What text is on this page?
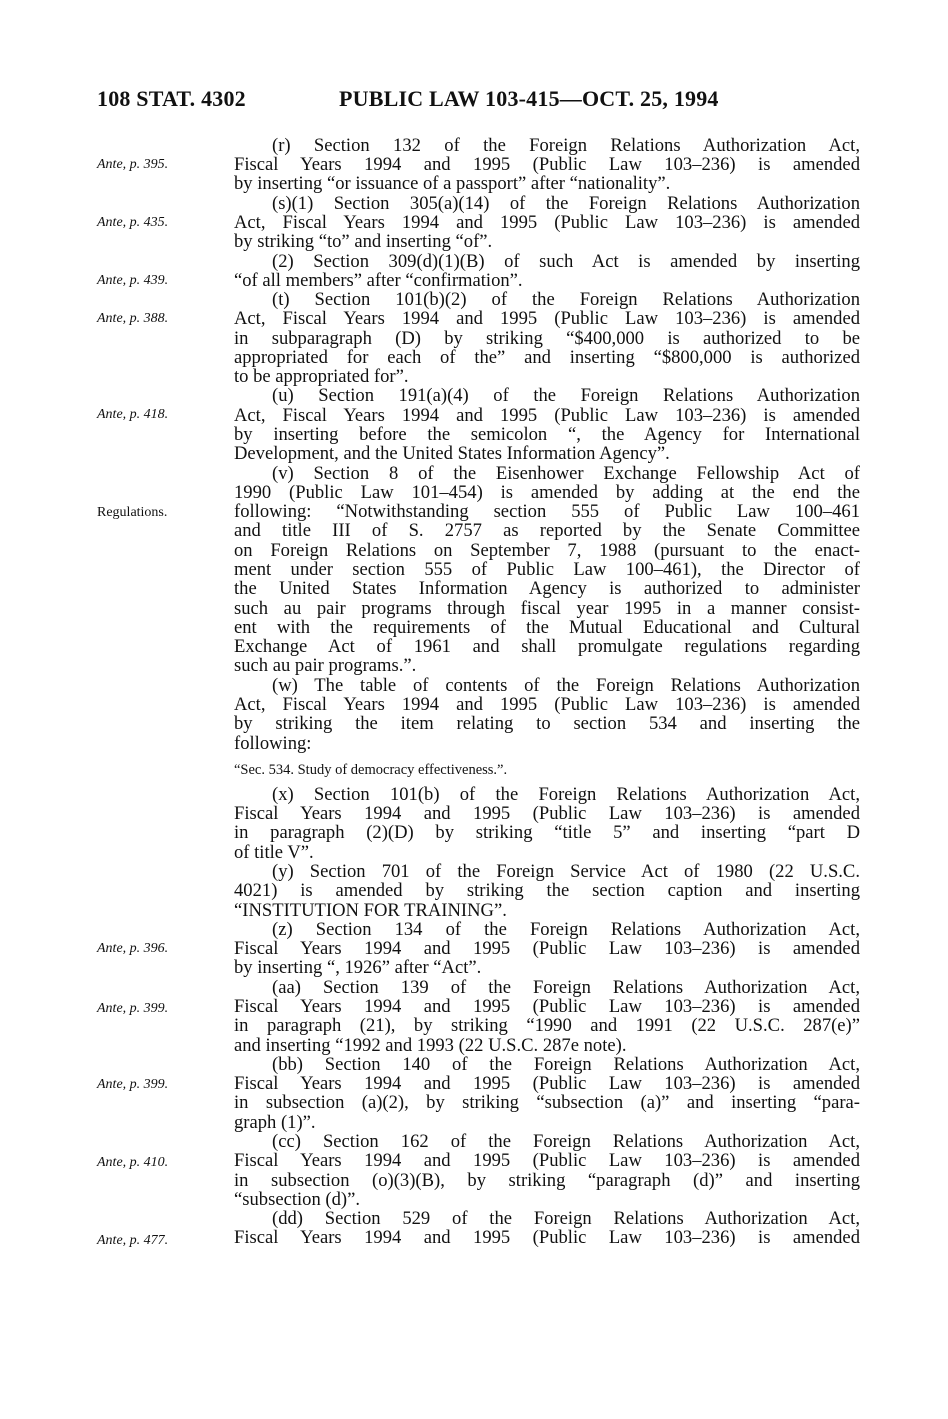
108 STAT. 4302	PUBLIC LAW 103-415—OCT. 25, 1994
Ante, p. 395.
Ante, p. 435.
Ante, p. 439.
Ante, p. 388.
Ante, p. 418.
Regulations.
Ante, p. 396.
Ante, p. 399.
Ante, p. 399.
Ante, p. 410.
Ante, p. 477.
(r) Section 132 of the Foreign Relations Authorization Act,
Fiscal Years 1994 and 1995 (Public Law 103–236) is amended
by inserting “or issuance of a passport” after “nationality”.
(s)(1) Section 305(a)(14) of the Foreign Relations Authorization
Act, Fiscal Years 1994 and 1995 (Public Law 103–236) is amended
by striking “to” and inserting “of”.
(2) Section 309(d)(1)(B) of such Act is amended by inserting
“of all members” after “confirmation”.
(t) Section 101(b)(2) of the Foreign Relations Authorization
Act, Fiscal Years 1994 and 1995 (Public Law 103–236) is amended
in subparagraph (D) by striking “$400,000 is authorized to be
appropriated for each of the” and inserting “$800,000 is authorized
to be appropriated for”.
(u) Section 191(a)(4) of the Foreign Relations Authorization
Act, Fiscal Years 1994 and 1995 (Public Law 103–236) is amended
by inserting before the semicolon “, the Agency for International
Development, and the United States Information Agency”.
(v) Section 8 of the Eisenhower Exchange Fellowship Act of
1990 (Public Law 101–454) is amended by adding at the end the
following: “Notwithstanding section 555 of Public Law 100–461
and title III of S. 2757 as reported by the Senate Committee
on Foreign Relations on September 7, 1988 (pursuant to the enact-
ment under section 555 of Public Law 100–461), the Director of
the United States Information Agency is authorized to administer
such au pair programs through fiscal year 1995 in a manner consist-
ent with the requirements of the Mutual Educational and Cultural
Exchange Act of 1961 and shall promulgate regulations regarding
such au pair programs.”.
(w) The table of contents of the Foreign Relations Authorization
Act, Fiscal Years 1994 and 1995 (Public Law 103–236) is amended
by striking the item relating to section 534 and inserting the
following:
“Sec. 534. Study of democracy effectiveness.”.
(x) Section 101(b) of the Foreign Relations Authorization Act,
Fiscal Years 1994 and 1995 (Public Law 103–236) is amended
in paragraph (2)(D) by striking “title 5” and inserting “part D
of title V”.
(y) Section 701 of the Foreign Service Act of 1980 (22 U.S.C.
4021) is amended by striking the section caption and inserting
“INSTITUTION FOR TRAINING”.
(z) Section 134 of the Foreign Relations Authorization Act,
Fiscal Years 1994 and 1995 (Public Law 103–236) is amended
by inserting “, 1926” after “Act”.
(aa) Section 139 of the Foreign Relations Authorization Act,
Fiscal Years 1994 and 1995 (Public Law 103–236) is amended
in paragraph (21), by striking “1990 and 1991 (22 U.S.C. 287(e)”
and inserting “1992 and 1993 (22 U.S.C. 287e note).
(bb) Section 140 of the Foreign Relations Authorization Act,
Fiscal Years 1994 and 1995 (Public Law 103–236) is amended
in subsection (a)(2), by striking “subsection (a)” and inserting “para-
graph (1)”.
(cc) Section 162 of the Foreign Relations Authorization Act,
Fiscal Years 1994 and 1995 (Public Law 103–236) is amended
in subsection (o)(3)(B), by striking “paragraph (d)” and inserting
“subsection (d)”.
(dd) Section 529 of the Foreign Relations Authorization Act,
Fiscal Years 1994 and 1995 (Public Law 103–236) is amended
